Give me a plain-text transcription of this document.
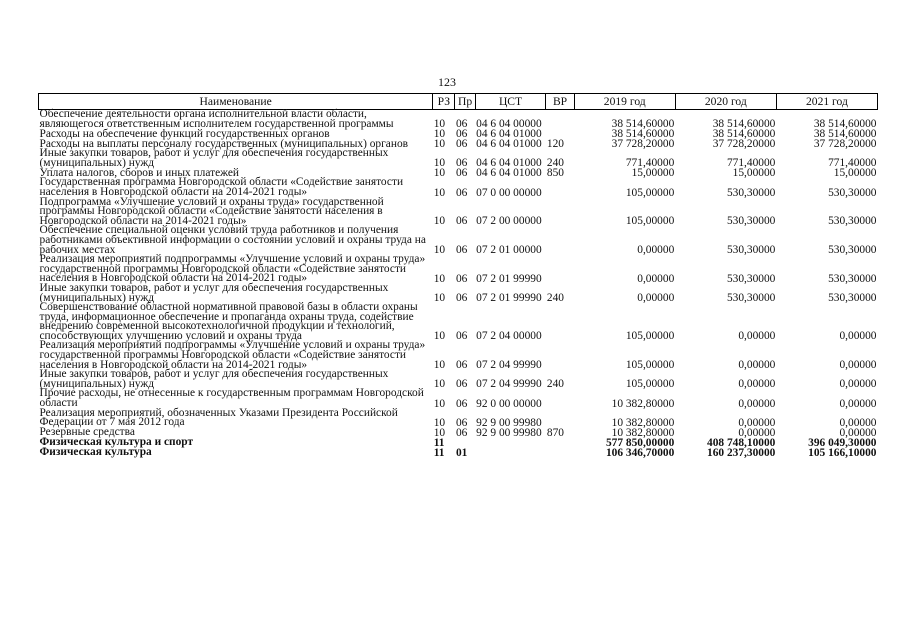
123
Наименование	РЗ	Пр	ЦСТ	ВР	2019 год	2020 год	2021 год
Обеспечение деятельности органа исполнительной власти области, являющегося ответственным исполнителем государственной программы	10	06	04 6 04 00000		38 514,60000	38 514,60000	38 514,60000
Расходы на обеспечение функций государственных органов	10	06	04 6 04 01000		38 514,60000	38 514,60000	38 514,60000
Расходы на выплаты персоналу государственных (муниципальных) органов	10	06	04 6 04 01000	120	37 728,20000	37 728,20000	37 728,20000
Иные закупки товаров, работ и услуг для обеспечения государственных (муниципальных) нужд	10	06	04 6 04 01000	240	771,40000	771,40000	771,40000
Уплата налогов, сборов и иных платежей	10	06	04 6 04 01000	850	15,00000	15,00000	15,00000
Государственная программа Новгородской области «Содействие занятости населения в Новгородской области на 2014-2021 годы»	10	06	07 0 00 00000		105,00000	530,30000	530,30000
Подпрограмма «Улучшение условий и охраны труда» государственной программы Новгородской области «Содействие занятости населения в Новгородской области на 2014-2021 годы»	10	06	07 2 00 00000		105,00000	530,30000	530,30000
Обеспечение специальной оценки условий труда работников и получения работниками объективной информации о состоянии условий и охраны труда на рабочих местах	10	06	07 2 01 00000		0,00000	530,30000	530,30000
Реализация мероприятий подпрограммы «Улучшение условий и охраны труда» государственной программы Новгородской области «Содействие занятости населения в Новгородской области на 2014-2021 годы»	10	06	07 2 01 99990		0,00000	530,30000	530,30000
Иные закупки товаров, работ и услуг для обеспечения государственных (муниципальных) нужд	10	06	07 2 01 99990	240	0,00000	530,30000	530,30000
Совершенствование областной нормативной правовой базы в области охраны труда, информационное обеспечение и пропаганда охраны труда, содействие внедрению современной высокотехнологичной продукции и технологий, способствующих улучшению условий и охраны труда	10	06	07 2 04 00000		105,00000	0,00000	0,00000
Реализация мероприятий подпрограммы «Улучшение условий и охраны труда» государственной программы Новгородской области «Содействие занятости населения в Новгородской области на 2014-2021 годы»	10	06	07 2 04 99990		105,00000	0,00000	0,00000
Иные закупки товаров, работ и услуг для обеспечения государственных (муниципальных) нужд	10	06	07 2 04 99990	240	105,00000	0,00000	0,00000
Прочие расходы, не отнесенные к государственным программам Новгородской области	10	06	92 0 00 00000		10 382,80000	0,00000	0,00000
Реализация мероприятий, обозначенных Указами Президента Российской Федерации от 7 мая 2012 года	10	06	92 9 00 99980		10 382,80000	0,00000	0,00000
Резервные средства	10	06	92 9 00 99980	870	10 382,80000	0,00000	0,00000
Физическая культура и спорт	11				577 850,00000	408 748,10000	396 049,30000
Физическая культура	11	01			106 346,70000	160 237,30000	105 166,10000
